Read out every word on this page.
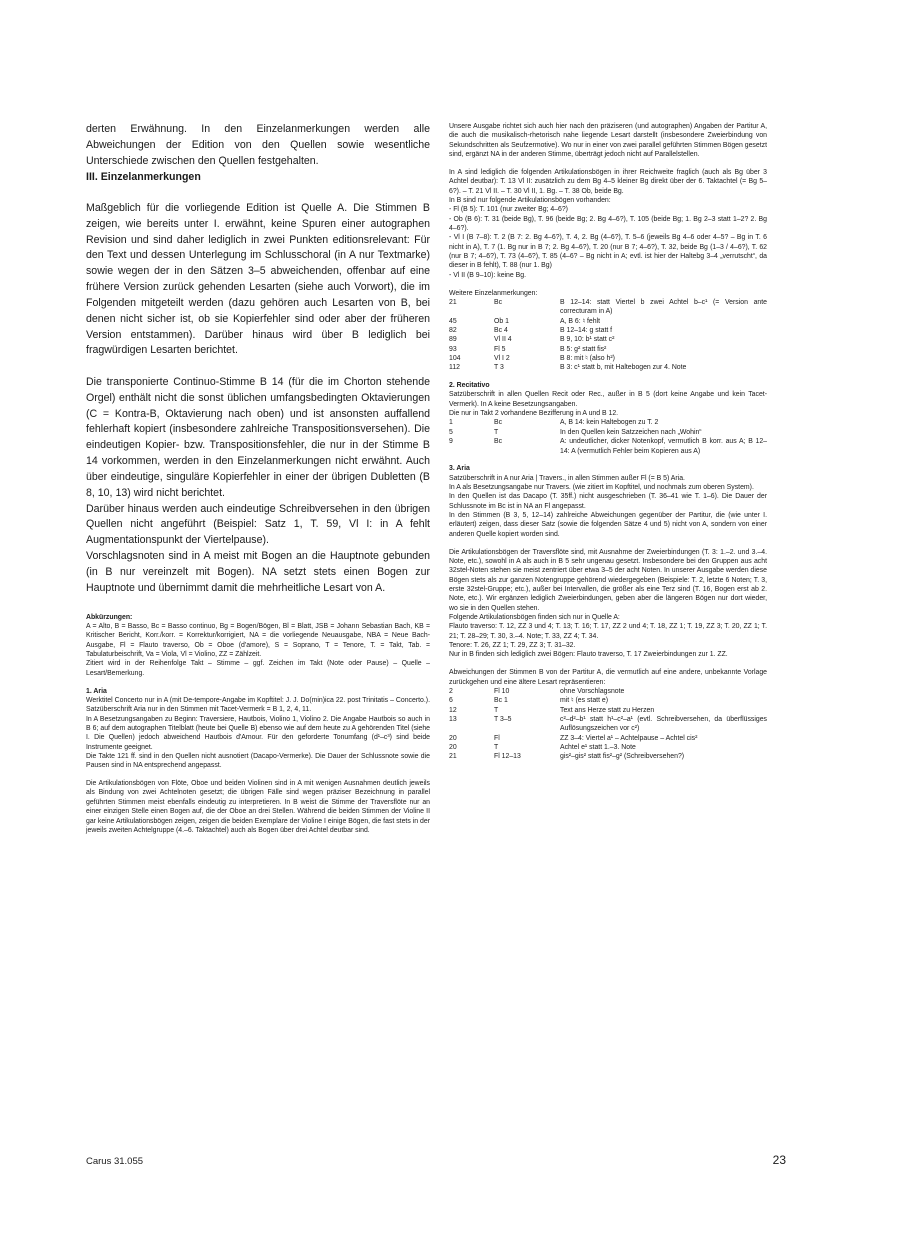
derten Erwähnung. In den Einzelanmerkungen werden alle Abweichungen der Edition von den Quellen sowie wesentliche Unterschiede zwischen den Quellen festgehalten.

III. Einzelanmerkungen

Maßgeblich für die vorliegende Edition ist Quelle A. Die Stimmen B zeigen, wie bereits unter I. erwähnt, keine Spuren einer autographen Revision und sind daher lediglich in zwei Punkten editionsrelevant: Für den Text und dessen Unterlegung im Schlusschoral (in A nur Textmarke) sowie wegen der in den Sätzen 3–5 abweichenden, offenbar auf eine frühere Version zurück gehenden Lesarten (siehe auch Vorwort), die im Folgenden mitgeteilt werden (dazu gehören auch Lesarten von B, bei denen nicht sicher ist, ob sie Kopierfehler sind oder aber der früheren Version entstammen). Darüber hinaus wird über B lediglich bei fragwürdigen Lesarten berichtet.

Die transponierte Continuo-Stimme B 14 (für die im Chorton stehende Orgel) enthält nicht die sonst üblichen umfangsbedingten Oktavierungen (C = Kontra-B, Oktavierung nach oben) und ist ansonsten auffallend fehlerhaft kopiert (insbesondere zahlreiche Transpositionsversehen). Die eindeutigen Kopier- bzw. Transpositionsfehler, die nur in der Stimme B 14 vorkommen, werden in den Einzelanmerkungen nicht erwähnt. Auch über eindeutige, singuläre Kopierfehler in einer der übrigen Dubletten (B 8, 10, 13) wird nicht berichtet.

Darüber hinaus werden auch eindeutige Schreibversehen in den übrigen Quellen nicht angeführt (Beispiel: Satz 1, T. 59, Vl I: in A fehlt Augmentationspunkt der Viertelpause).

Vorschlagsnoten sind in A meist mit Bogen an die Hauptnote gebunden (in B nur vereinzelt mit Bogen). NA setzt stets einen Bogen zur Hauptnote und übernimmt damit die mehrheitliche Lesart von A.

Abkürzungen:

A = Alto, B = Basso, Bc = Basso continuo, Bg = Bogen/Bögen, Bl = Blatt, JSB = Johann Sebastian Bach, KB = Kritischer Bericht, Korr./korr. = Korrektur/korrigiert, NA = die vorliegende Neuausgabe, NBA = Neue Bach-Ausgabe, Fl = Flauto traverso, Ob = Oboe (d'amore), S = Soprano, T = Tenore, T. = Takt, Tab. = Tabulaturbeischrift, Va = Viola, Vl = Violino, ZZ = Zählzeit.

Zitiert wird in der Reihenfolge Takt – Stimme – ggf. Zeichen im Takt (Note oder Pause) – Quelle – Lesart/Bemerkung.

1. Aria

Werktitel Concerto nur in A (mit De-tempore-Angabe im Kopftitel: J. J. Do(min)ica 22. post Trinitatis – Concerto.). Satzüberschrift Aria nur in den Stimmen mit Tacet-Vermerk = B 1, 2, 4, 11.

In A Besetzungsangaben zu Beginn: Traversiere, Hautbois, Violino 1, Violino 2. Die Angabe Hautbois so auch in B 6; auf dem autographen Titelblatt (heute bei Quelle B) ebenso wie auf dem heute zu A gehörenden Titel (siehe I. Die Quellen) jedoch abweichend Hautbois d'Amour. Für den geforderte Tonumfang (d¹–c³) sind beide Instrumente geeignet.

Die Takte 121 ff. sind in den Quellen nicht ausnotiert (Dacapo-Vermerke). Die Dauer der Schlussnote sowie die Pausen sind in NA entsprechend angepasst.

Die Artikulationsbögen von Flöte, Oboe und beiden Violinen sind in A mit wenigen Ausnahmen deutlich jeweils als Bindung von zwei Achtelnoten gesetzt; die übrigen Fälle sind wegen präziser Bezeichnung in parallel geführten Stimmen meist ebenfalls eindeutig zu interpretieren. In B weist die Stimme der Traversflöte nur an einer einzigen Stelle einen Bogen auf, die der Oboe an drei Stellen. Während die beiden Stimmen der Violine II gar keine Artikulationsbögen zeigen, zeigen die beiden Exemplare der Violine I einige Bögen, die fast stets in der jeweils zweiten Achtelgruppe (4.–6. Taktachtel) auch als Bogen über drei Achtel deutbar sind.

Unsere Ausgabe richtet sich auch hier nach den präziseren (und autographen) Angaben der Partitur A, die auch die musikalisch-rhetorisch nahe liegende Lesart darstellt (insbesondere Zweierbindung von Sekundschritten als Seufzermotive). Wo nur in einer von zwei parallel geführten Stimmen Bögen gesetzt sind, ergänzt NA in der anderen Stimme, überträgt jedoch nicht auf Parallelstellen.

In A sind lediglich die folgenden Artikulationsbögen in ihrer Reichweite fraglich (auch als Bg über 3 Achtel deutbar): T. 13 Vl II: zusätzlich zu dem Bg 4–5 kleiner Bg direkt über der 6. Taktachtel (= Bg 5–6?). – T. 21 Vl II. – T. 30 Vl II, 1. Bg. – T. 38 Ob, beide Bg.

In B sind nur folgende Artikulationsbögen vorhanden:

- Fl (B 5): T. 101 (nur zweiter Bg; 4–6?)

- Ob (B 6): T. 31 (beide Bg), T. 96 (beide Bg; 2. Bg 4–6?), T. 105 (beide Bg; 1. Bg 2–3 statt 1–2? 2. Bg 4–6?).

- Vl I (B 7–8): T. 2 (B 7: 2. Bg 4–6?), T. 4, 2. Bg (4–6?), T. 5–6 (jeweils Bg 4–6 oder 4–5? – Bg in T. 6 nicht in A), T. 7 (1. Bg nur in B 7; 2. Bg 4–6?), T. 20 (nur B 7; 4–6?), T. 32, beide Bg (1–3 / 4–6?), T. 62 (nur B 7; 4–6?), T. 73 (4–6?), T. 85 (4–6? – Bg nicht in A; evtl. ist hier der Haltebg 3–4 „verrutscht“, da dieser in B fehlt), T. 88 (nur 1. Bg)

- Vl II (B 9–10): keine Bg.

Weitere Einzelanmerkungen:

21	Bc	B 12–14: statt Viertel b zwei Achtel b–c¹ (= Version ante correcturam in A)
45	Ob 1	A, B 6: ♮ fehlt
82	Bc 4	B 12–14: g statt f
89	Vl II 4	B 9, 10: b¹ statt c²
93	Fl 5	B 5: g² statt fis²
104	Vl I 2	B 8: mit ♮ (also h²)
112	T 3	B 3: c¹ statt b, mit Haltebogen zur 4. Note

2. Recitativo

Satzüberschrift in allen Quellen Recit oder Rec., außer in B 5 (dort keine Angabe und kein Tacet-Vermerk). In A keine Besetzungsangaben.

Die nur in Takt 2 vorhandene Bezifferung in A und B 12.

1	Bc	A, B 14: kein Haltebogen zu T. 2
5	T	In den Quellen kein Satzzeichen nach „Wohin“
9	Bc	A: undeutlicher, dicker Notenkopf, vermutlich B korr. aus A; B 12–14: A (vermutlich Fehler beim Kopieren aus A)

3. Aria

Satzüberschrift in A nur Aria | Travers., in allen Stimmen außer Fl (= B 5) Aria.

In A als Besetzungsangabe nur Travers. (wie zitiert im Kopftitel, und nochmals zum oberen System).

In den Quellen ist das Dacapo (T. 35ff.) nicht ausgeschrieben (T. 36–41 wie T. 1–6). Die Dauer der Schlussnote im Bc ist in NA an Fl angepasst.

In den Stimmen (B 3, 5, 12–14) zahlreiche Abweichungen gegenüber der Partitur, die (wie unter I. erläutert) zeigen, dass dieser Satz (sowie die folgenden Sätze 4 und 5) nicht von A, sondern von einer anderen Quelle kopiert worden sind.

Die Artikulationsbögen der Traversflöte sind, mit Ausnahme der Zweierbindungen (T. 3: 1.–2. und 3.–4. Note, etc.), sowohl in A als auch in B 5 sehr ungenau gesetzt. Insbesondere bei den Gruppen aus acht 32stel-Noten stehen sie meist zentriert über etwa 3–5 der acht Noten. In unserer Ausgabe werden diese Bögen stets als zur ganzen Notengruppe gehörend wiedergegeben (Beispiele: T. 2, letzte 6 Noten; T. 3, erste 32stel-Gruppe; etc.), außer bei Intervallen, die größer als eine Terz sind (T. 16, Bogen erst ab 2. Note, etc.). Wir ergänzen lediglich Zweierbindungen, geben aber die längeren Bögen nur dort wieder, wo sie in den Quellen stehen.

Folgende Artikulationsbögen finden sich nur in Quelle A:

Flauto traverso: T. 12, ZZ 3 und 4; T. 13; T. 16; T. 17, ZZ 2 und 4; T. 18, ZZ 1; T. 19, ZZ 3; T. 20, ZZ 1; T. 21; T. 28–29; T. 30, 3.–4. Note; T. 33, ZZ 4; T. 34.

Tenore: T. 26, ZZ 1; T. 29, ZZ 3; T. 31–32.

Nur in B finden sich lediglich zwei Bögen: Flauto traverso, T. 17 Zweierbindungen zur 1. ZZ.

Abweichungen der Stimmen B von der Partitur A, die vermutlich auf eine andere, unbekannte Vorlage zurückgehen und eine ältere Lesart repräsentieren:

2	Fl 10	ohne Vorschlagsnote
6	Bc 1	mit ♮ (es statt e)
12	T	Text ans Herze statt zu Herzen
13	T 3–5	c²–d²–b¹ statt h¹–c²–a¹ (evtl. Schreibversehen, da überflüssiges Auflösungszeichen vor c²)
20	Fl	ZZ 3–4: Viertel a¹ – Achtelpause – Achtel cis²
20	T	Achtel e¹ statt 1.–3. Note
21	Fl 12–13	gis²–gis² statt fis²–g² (Schreibversehen?)
Carus 31.055	23
